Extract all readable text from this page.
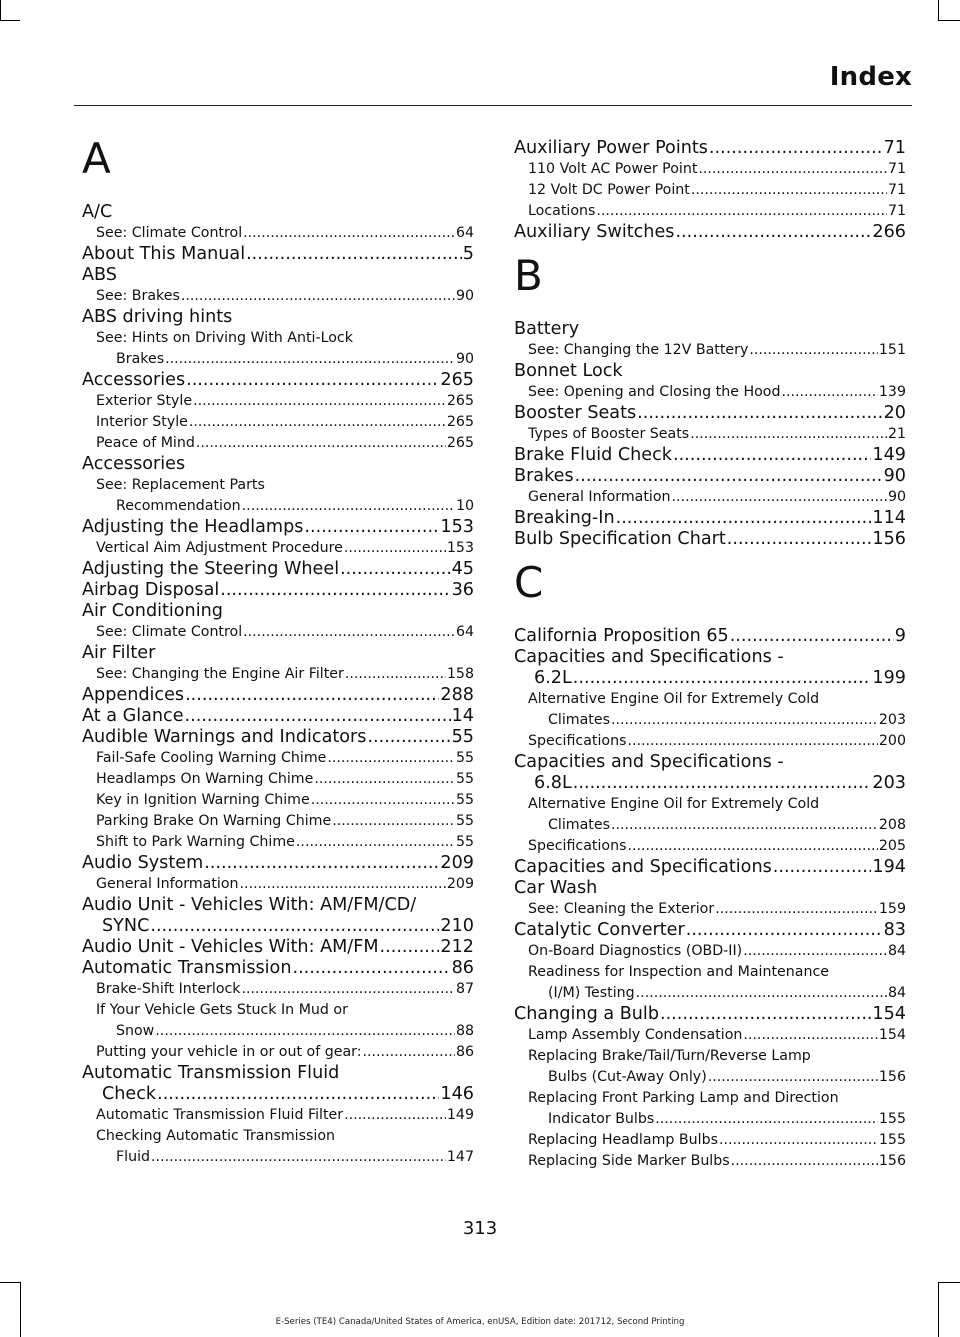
Index
A
A/C
See: Climate Control .....	64
About This Manual .....	5
ABS
See: Brakes .....	90
ABS driving hints
See: Hints on Driving With Anti-Lock
Brakes .....	90
Accessories .....	265
Exterior Style .....	265
Interior Style .....	265
Peace of Mind .....	265
Accessories
See: Replacement Parts
Recommendation .....	10
Adjusting the Headlamps .....	153
Vertical Aim Adjustment Procedure .....	153
Adjusting the Steering Wheel .....	45
Airbag Disposal .....	36
Air Conditioning
See: Climate Control .....	64
Air Filter
See: Changing the Engine Air Filter .....	158
Appendices .....	288
At a Glance .....	14
Audible Warnings and Indicators .....	55
Fail-Safe Cooling Warning Chime .....	55
Headlamps On Warning Chime .....	55
Key in Ignition Warning Chime .....	55
Parking Brake On Warning Chime .....	55
Shift to Park Warning Chime .....	55
Audio System .....	209
General Information .....	209
Audio Unit - Vehicles With: AM/FM/CD/
SYNC .....	210
Audio Unit - Vehicles With: AM/FM .....	212
Automatic Transmission .....	86
Brake-Shift Interlock .....	87
If Your Vehicle Gets Stuck In Mud or
Snow .....	88
Putting your vehicle in or out of gear: .....	86
Automatic Transmission Fluid
Check .....	146
Automatic Transmission Fluid Filter .....	149
Checking Automatic Transmission
Fluid .....	147
Auxiliary Power Points .....	71
110 Volt AC Power Point .....	71
12 Volt DC Power Point .....	71
Locations .....	71
Auxiliary Switches .....	266
B
Battery
See: Changing the 12V Battery .....	151
Bonnet Lock
See: Opening and Closing the Hood .....	139
Booster Seats .....	20
Types of Booster Seats .....	21
Brake Fluid Check .....	149
Brakes .....	90
General Information .....	90
Breaking-In .....	114
Bulb Specification Chart .....	156
C
California Proposition 65 .....	9
Capacities and Specifications -
6.2L .....	199
Alternative Engine Oil for Extremely Cold
Climates .....	203
Specifications .....	200
Capacities and Specifications -
6.8L .....	203
Alternative Engine Oil for Extremely Cold
Climates .....	208
Specifications .....	205
Capacities and Specifications .....	194
Car Wash
See: Cleaning the Exterior .....	159
Catalytic Converter .....	83
On-Board Diagnostics (OBD-II) .....	84
Readiness for Inspection and Maintenance
(I/M) Testing .....	84
Changing a Bulb .....	154
Lamp Assembly Condensation .....	154
Replacing Brake/Tail/Turn/Reverse Lamp
Bulbs (Cut-Away Only) .....	156
Replacing Front Parking Lamp and Direction
Indicator Bulbs .....	155
Replacing Headlamp Bulbs .....	155
Replacing Side Marker Bulbs .....	156
313
E-Series (TE4) Canada/United States of America, enUSA, Edition date: 201712, Second Printing
